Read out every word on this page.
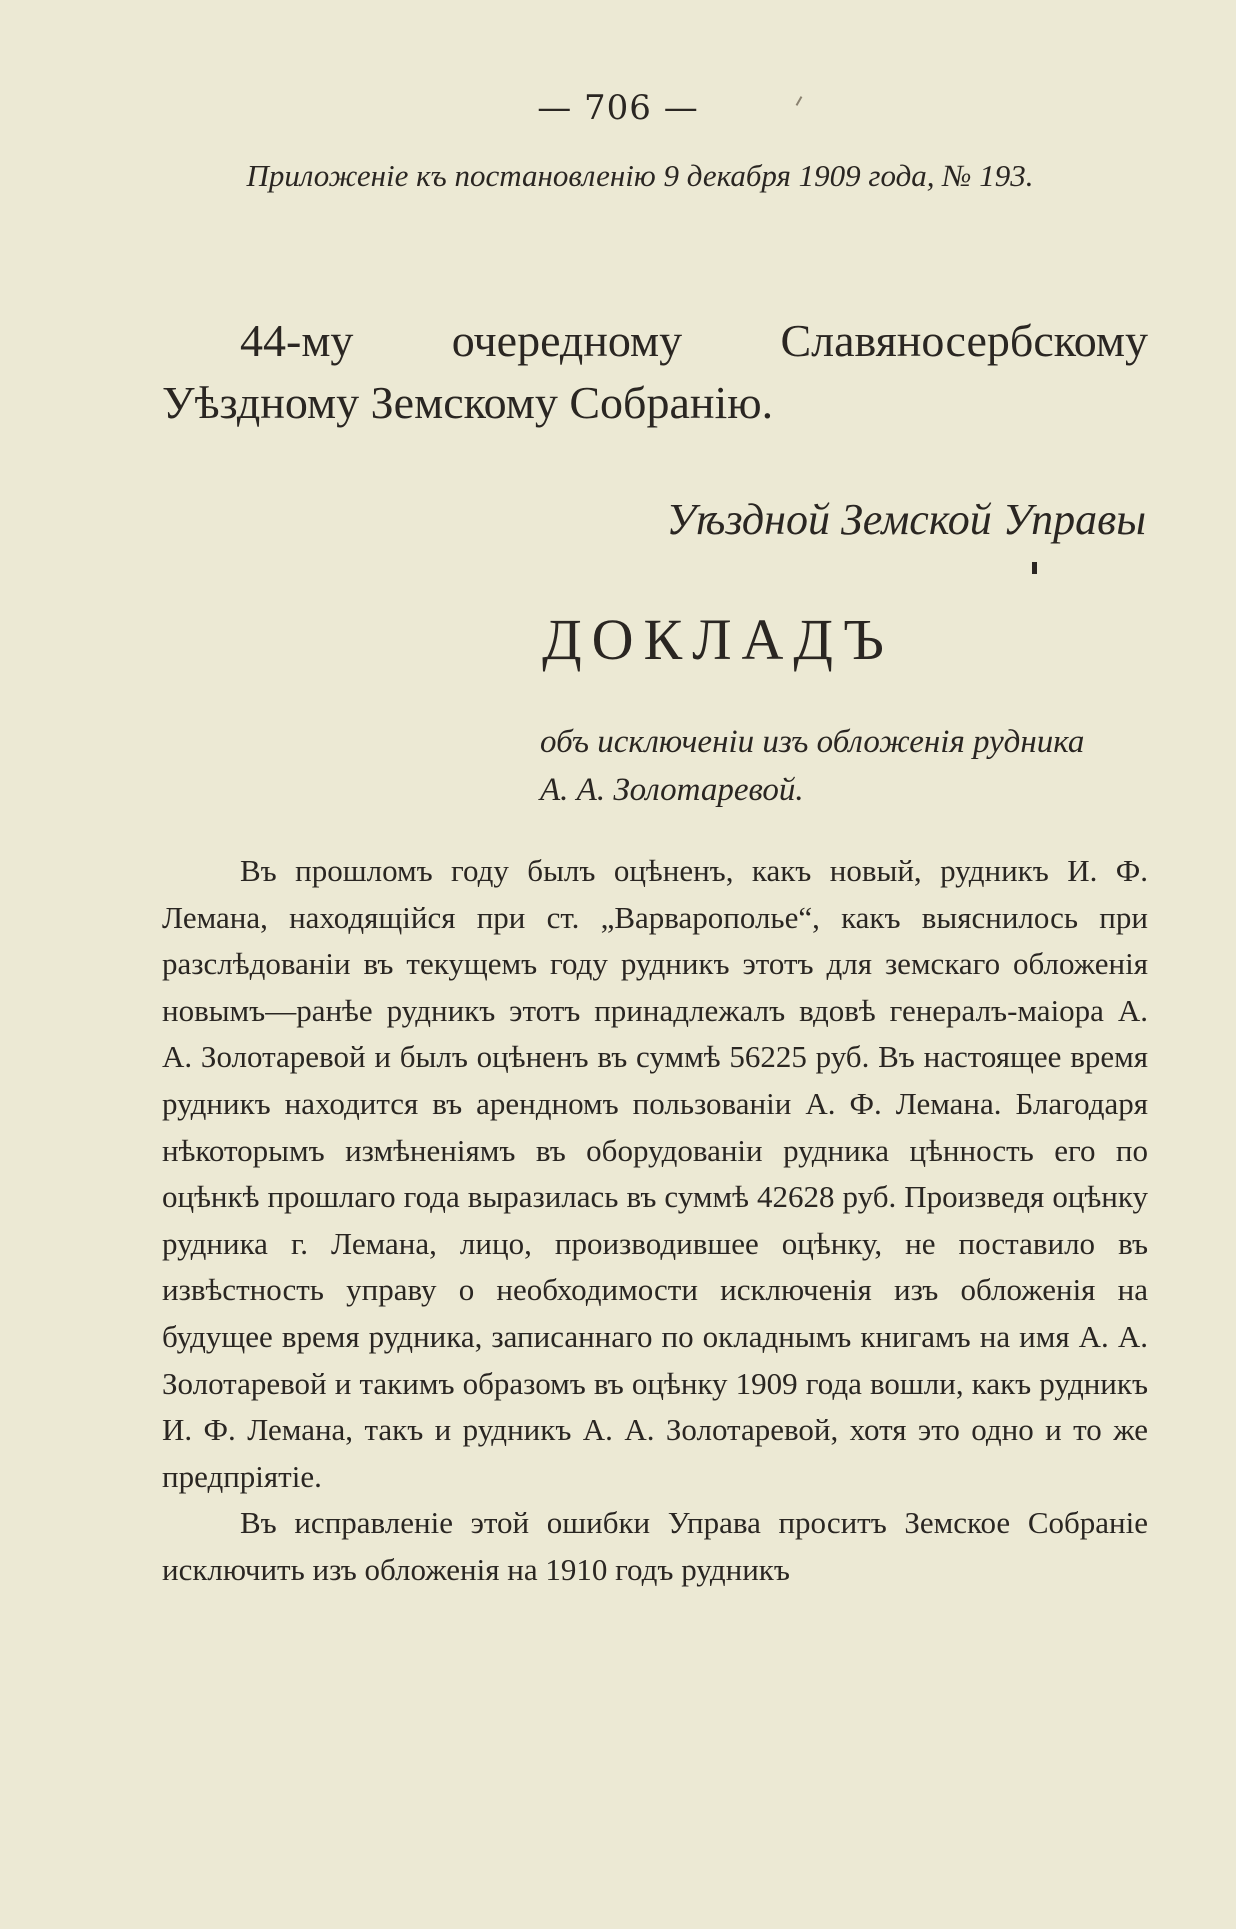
— 706 —
Приложеніе къ постановленію 9 декабря 1909 года, № 193.
44-му очередному Славяносербскому Уѣздному Земскому Собранію.
Уѣздной Земской Управы
ДОКЛАДЪ
объ исключеніи изъ обложенія рудника
А. А. Золотаревой.

Въ прошломъ году былъ оцѣненъ, какъ новый, рудникъ И. Ф. Лемана, находящійся при ст. „Варваропольe“, какъ выяснилось при разслѣдованіи въ текущемъ году рудникъ этотъ для земскаго обложенія новымъ—ранѣе рудникъ этотъ принадлежалъ вдовѣ генералъ-маіора А. А. Золотаревой и былъ оцѣненъ въ суммѣ 56225 руб. Въ настоящее время рудникъ находится въ арендномъ пользованіи А. Ф. Лемана. Благодаря нѣкоторымъ измѣненіямъ въ оборудованіи рудника цѣнность его по оцѣнкѣ прошлаго года выразилась въ суммѣ 42628 руб. Произведя оцѣнку рудника г. Лемана, лицо, производившее оцѣнку, не поставило въ извѣстность управу о необходимости исключенія изъ обложенія на будущее время рудника, записаннаго по окладнымъ книгамъ на имя А. А. Золотаревой и такимъ образомъ въ оцѣнку 1909 года вошли, какъ рудникъ И. Ф. Лемана, такъ и рудникъ А. А. Золотаревой, хотя это одно и то же предпріятіе.

Въ исправленіе этой ошибки Управа проситъ Земское Собраніе исключить изъ обложенія на 1910 годъ рудникъ
